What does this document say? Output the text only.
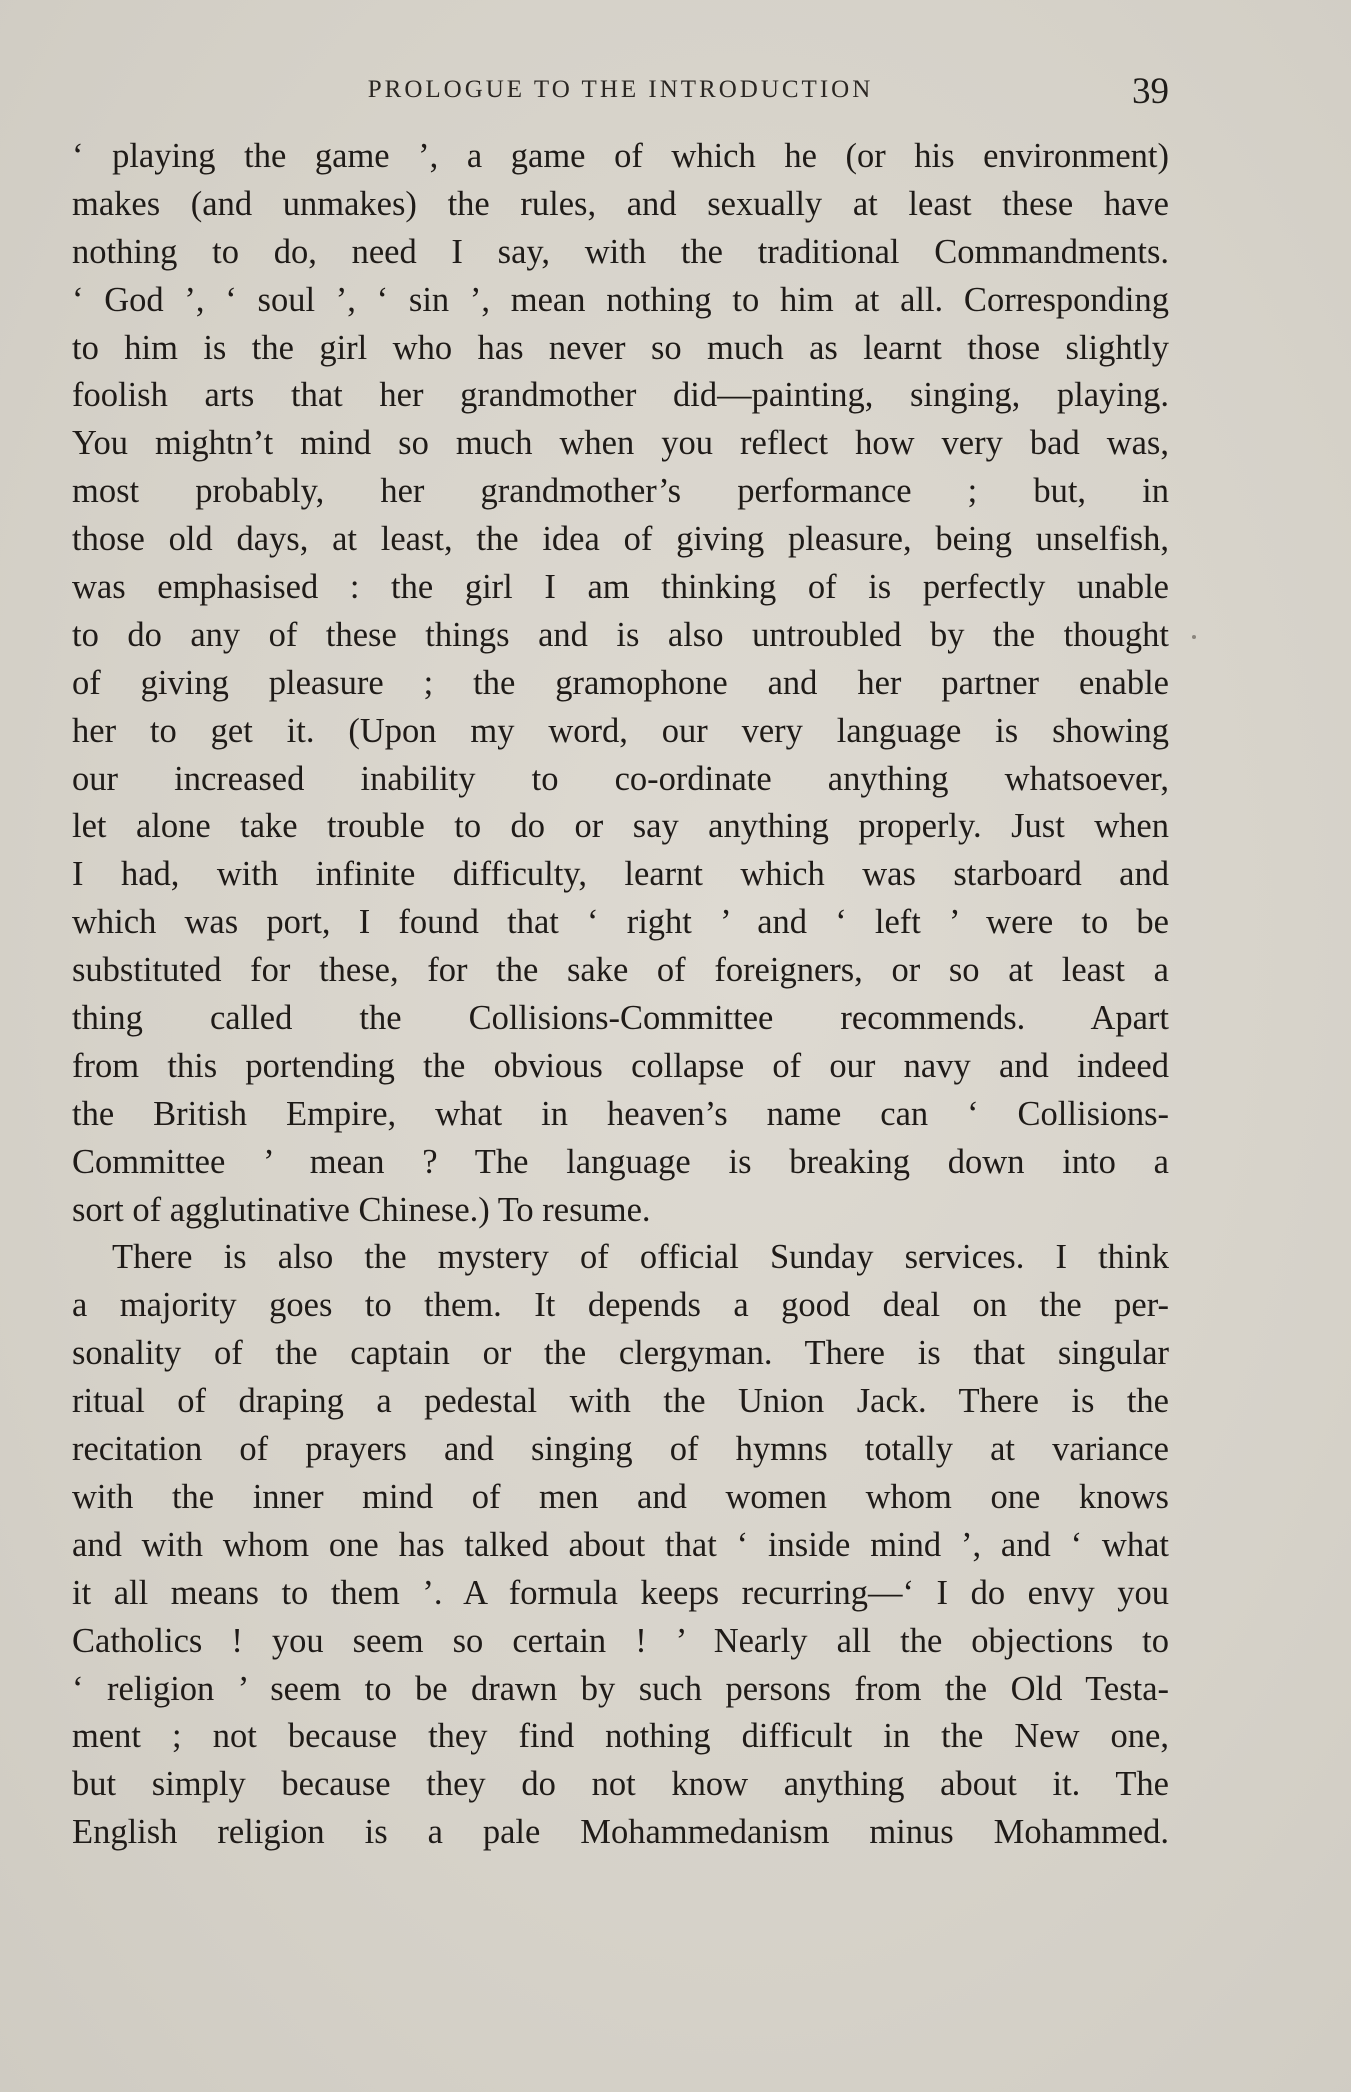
PROLOGUE TO THE INTRODUCTION	39
‘ playing the game ’, a game of which he (or his environment)
makes (and unmakes) the rules, and sexually at least these have
nothing to do, need I say, with the traditional Commandments.
‘ God ’, ‘ soul ’, ‘ sin ’, mean nothing to him at all. Corresponding
to him is the girl who has never so much as learnt those slightly
foolish arts that her grandmother did—painting, singing, playing.
You mightn’t mind so much when you reflect how very bad was,
most probably, her grandmother’s performance ; but, in
those old days, at least, the idea of giving pleasure, being unselfish,
was emphasised : the girl I am thinking of is perfectly unable
to do any of these things and is also untroubled by the thought
of giving pleasure ; the gramophone and her partner enable
her to get it. (Upon my word, our very language is showing
our increased inability to co-ordinate anything whatsoever,
let alone take trouble to do or say anything properly. Just when
I had, with infinite difficulty, learnt which was starboard and
which was port, I found that ‘ right ’ and ‘ left ’ were to be
substituted for these, for the sake of foreigners, or so at least a
thing called the Collisions-Committee recommends. Apart
from this portending the obvious collapse of our navy and indeed
the British Empire, what in heaven’s name can ‘ Collisions-
Committee ’ mean ? The language is breaking down into a
sort of agglutinative Chinese.) To resume.
There is also the mystery of official Sunday services. I think
a majority goes to them. It depends a good deal on the per-
sonality of the captain or the clergyman. There is that singular
ritual of draping a pedestal with the Union Jack. There is the
recitation of prayers and singing of hymns totally at variance
with the inner mind of men and women whom one knows
and with whom one has talked about that ‘ inside mind ’, and ‘ what
it all means to them ’. A formula keeps recurring—‘ I do envy you
Catholics ! you seem so certain ! ’ Nearly all the objections to
‘ religion ’ seem to be drawn by such persons from the Old Testa-
ment ; not because they find nothing difficult in the New one,
but simply because they do not know anything about it. The
English religion is a pale Mohammedanism minus Mohammed.
